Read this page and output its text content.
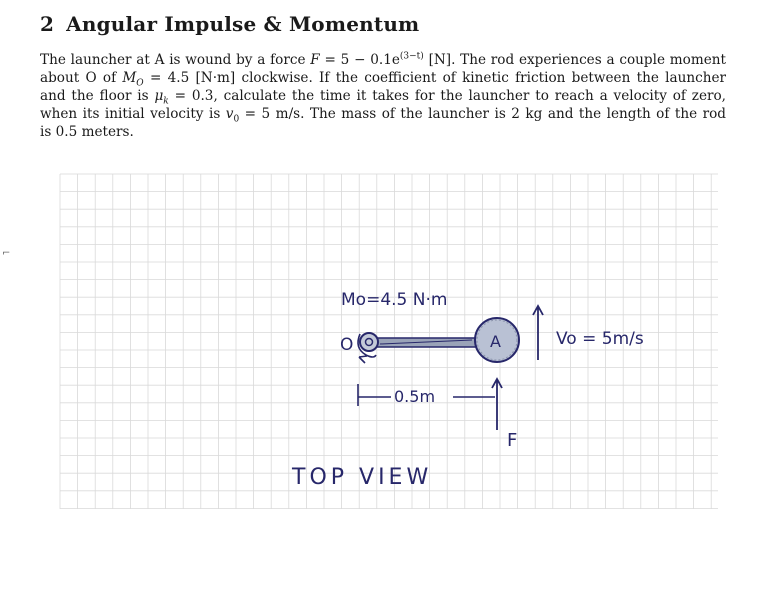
2 Angular Impulse & Momentum
The launcher at A is wound by a force $F = 5 - 0.1e^{(3-t)}$ [N]. The rod experiences a couple moment
about O of $M_O = 4.5$ [N·m] clockwise. If the coefficient of kinetic friction between the launcher
and the floor is $\mu_k = 0.3$, calculate the time it takes for the launcher to reach a velocity of zero,
when its initial velocity is $v_0 = 5$ m/s. The mass of the launcher is 2 kg and the length of the rod
is 0.5 meters.
⌐
Mo=4.5 N·m
O	A	Vo = 5m/s
0.5m
F
TOP VIEW
